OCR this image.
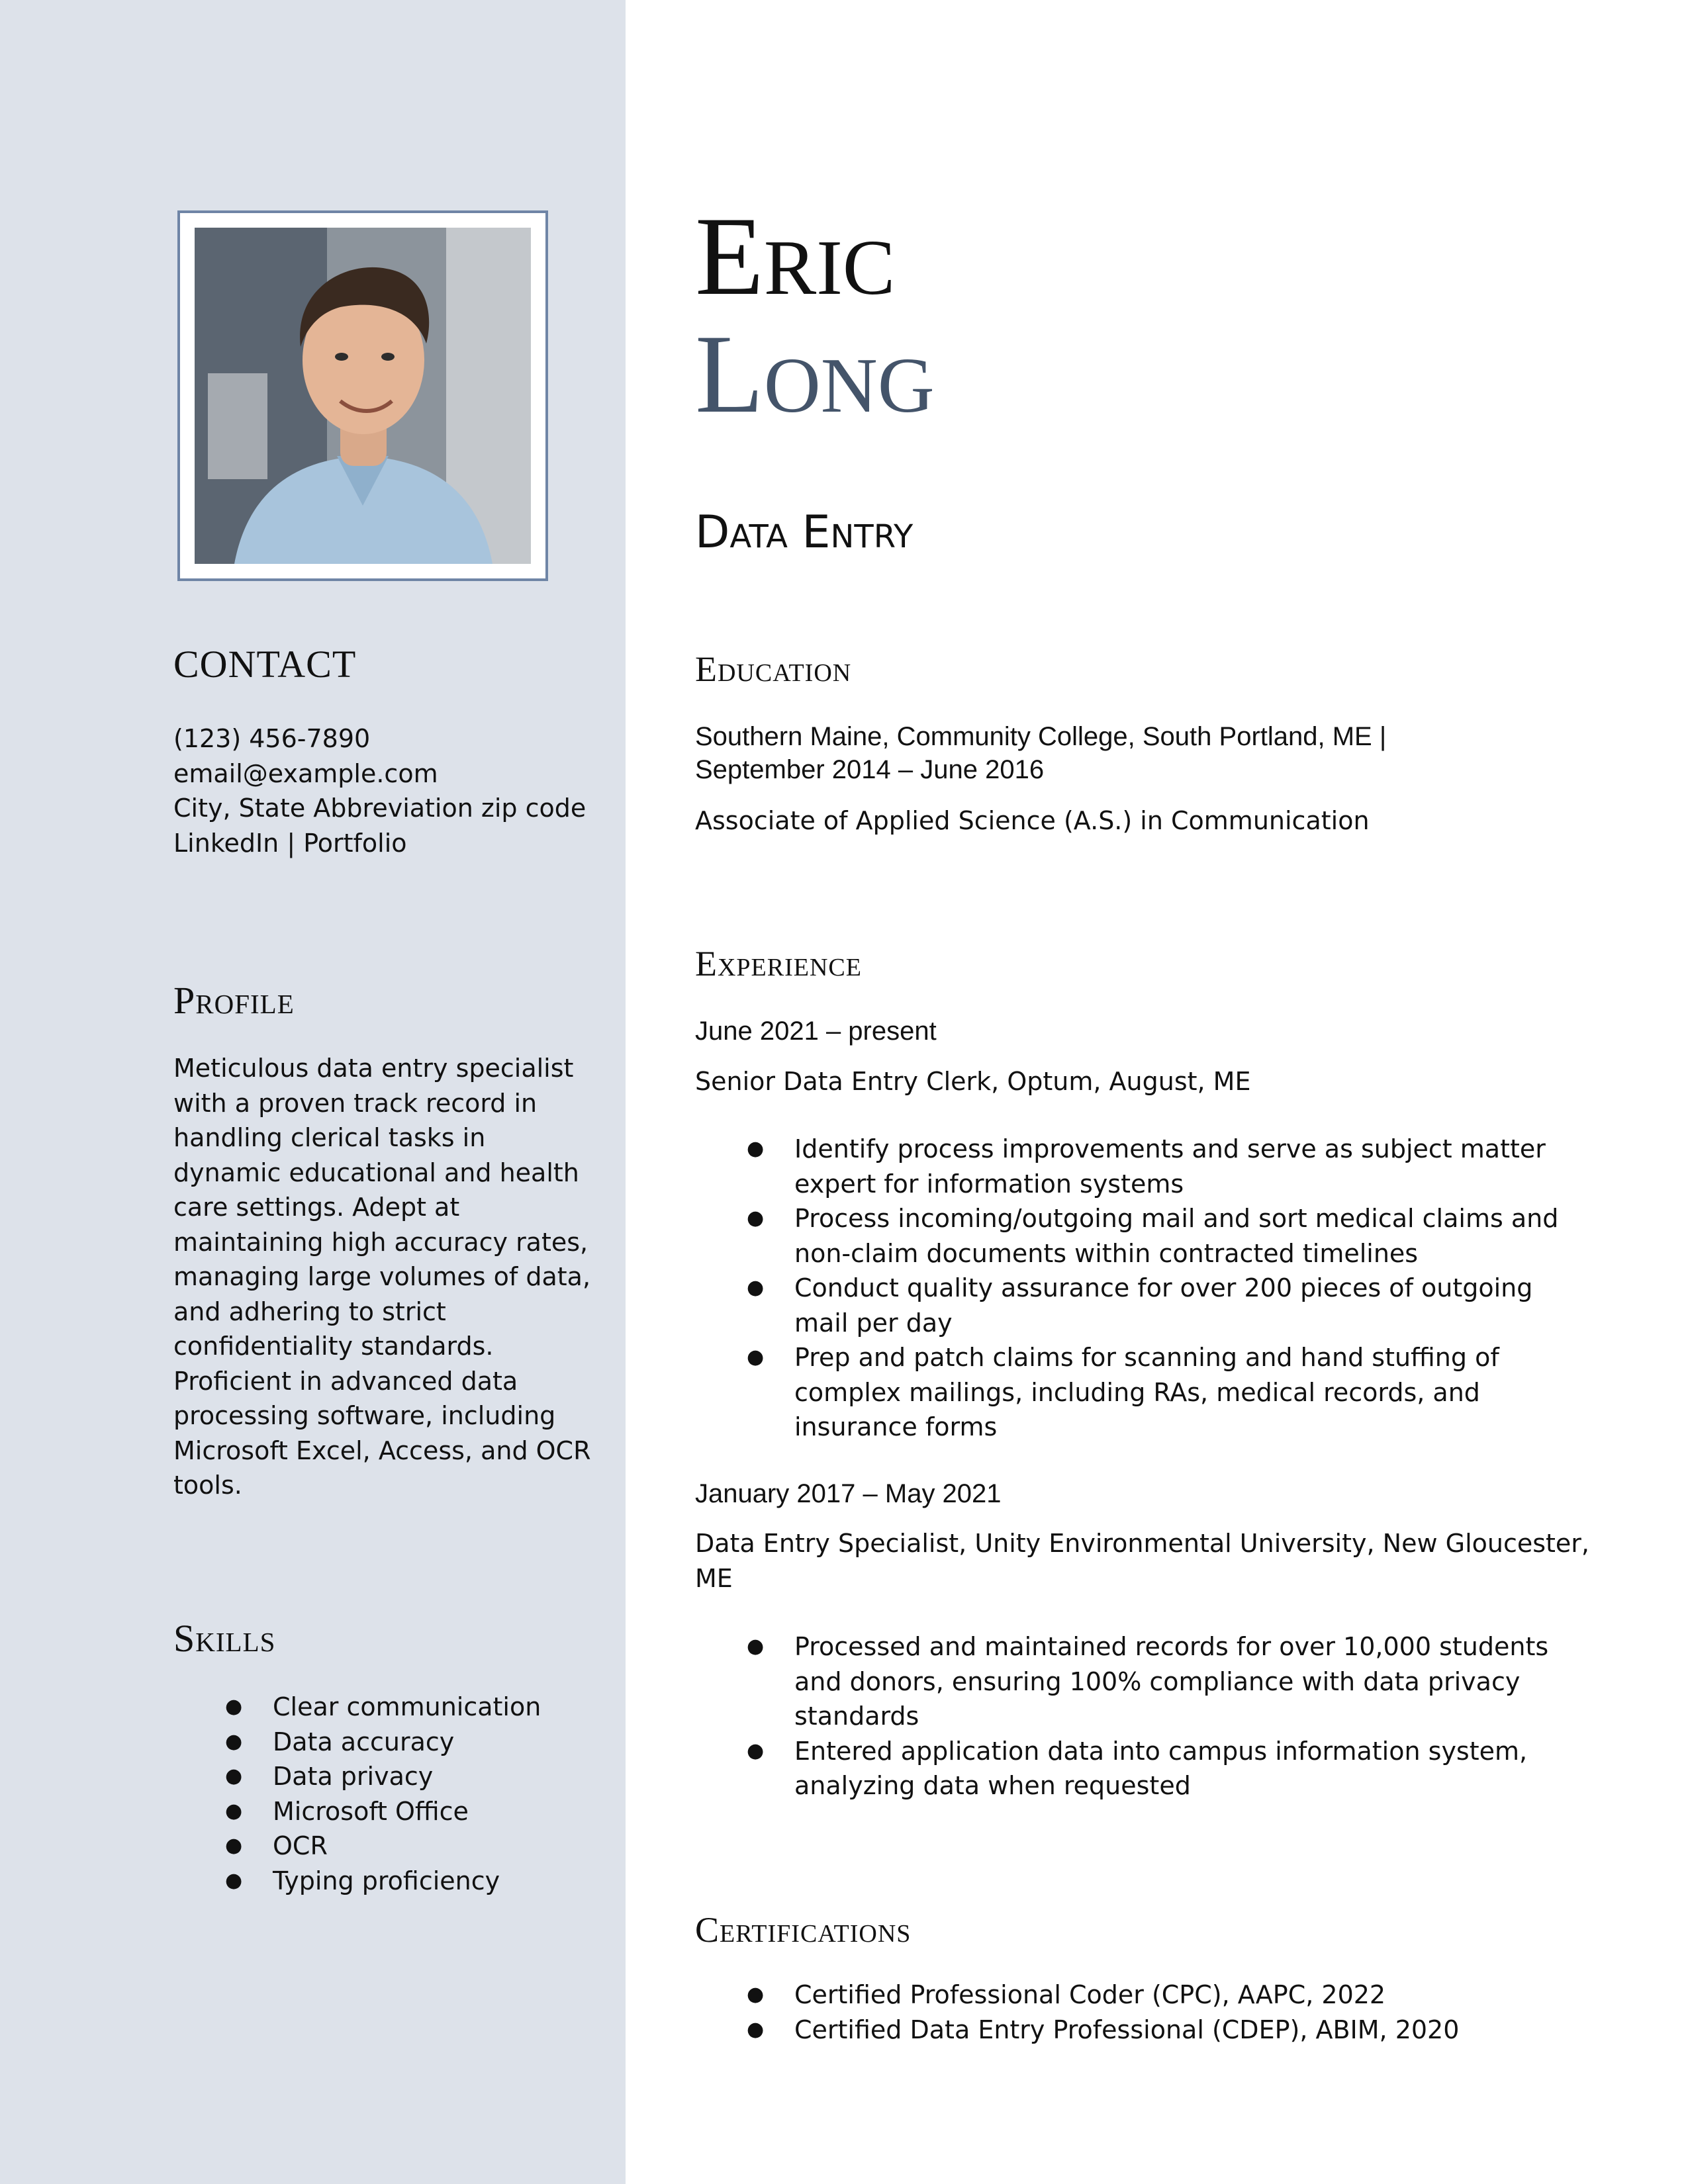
CONTACT
(123) 456-7890
email@example.com
City, State Abbreviation zip code
LinkedIn | Portfolio
Profile
Meticulous data entry specialist
with a proven track record in
handling clerical tasks in
dynamic educational and health
care settings. Adept at
maintaining high accuracy rates,
managing large volumes of data,
and adhering to strict
confidentiality standards.
Proficient in advanced data
processing software, including
Microsoft Excel, Access, and OCR
tools.
Skills
● Clear communication
● Data accuracy
● Data privacy
● Microsoft Office
● OCR
● Typing proficiency
Eric
Long
Data Entry
Education
Southern Maine, Community College, South Portland, ME |
September 2014 – June 2016
Associate of Applied Science (A.S.) in Communication
Experience
June 2021 – present
Senior Data Entry Clerk, Optum, August, ME
● Identify process improvements and serve as subject matter
expert for information systems
● Process incoming/outgoing mail and sort medical claims and
non-claim documents within contracted timelines
● Conduct quality assurance for over 200 pieces of outgoing
mail per day
● Prep and patch claims for scanning and hand stuffing of
complex mailings, including RAs, medical records, and
insurance forms
January 2017 – May 2021
Data Entry Specialist, Unity Environmental University, New Gloucester,
ME
● Processed and maintained records for over 10,000 students
and donors, ensuring 100% compliance with data privacy
standards
● Entered application data into campus information system,
analyzing data when requested
Certifications
● Certified Professional Coder (CPC), AAPC, 2022
● Certified Data Entry Professional (CDEP), ABIM, 2020
